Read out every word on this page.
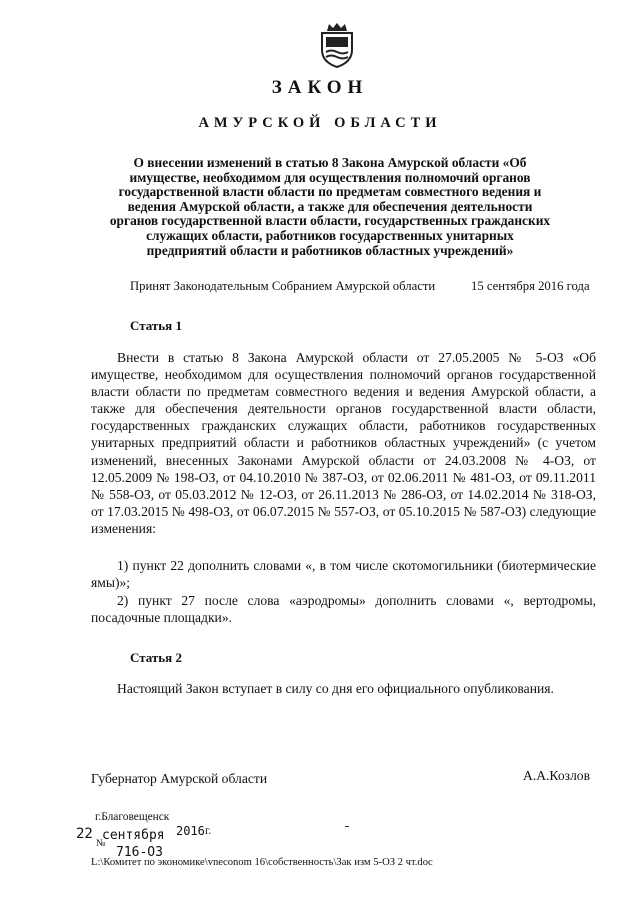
ЗАКОН
АМУРСКОЙ ОБЛАСТИ
О внесении изменений в статью 8 Закона Амурской области «Об
имуществе, необходимом для осуществления полномочий органов
государственной власти области по предметам совместного ведения и
ведения Амурской области, а также для обеспечения деятельности
органов государственной власти области, государственных гражданских
служащих области, работников государственных унитарных
предприятий области и работников областных учреждений»
Принят Законодательным Собранием Амурской области	15 сентября 2016 года
Статья 1
Внести в статью 8 Закона Амурской области от 27.05.2005 № 5-ОЗ «Об имуществе, необходимом для осуществления полномочий органов государственной власти области по предметам совместного ведения и ведения Амурской области, а также для обеспечения деятельности органов государственной власти области, государственных гражданских служащих области, работников государственных унитарных предприятий области и работников областных учреждений» (с учетом изменений, внесенных Законами Амурской области от 24.03.2008 № 4-ОЗ, от 12.05.2009 № 198-ОЗ, от 04.10.2010 № 387-ОЗ, от 02.06.2011 № 481-ОЗ, от 09.11.2011 № 558-ОЗ, от 05.03.2012 № 12-ОЗ, от 26.11.2013 № 286-ОЗ, от 14.02.2014 № 318-ОЗ, от 17.03.2015 № 498-ОЗ, от 06.07.2015 № 557-ОЗ, от 05.10.2015 № 587-ОЗ) следующие изменения:
1) пункт 22 дополнить словами «, в том числе скотомогильники (биотермические ямы)»;
2) пункт 27 после слова «аэродромы» дополнить словами «, вертодромы, посадочные площадки».
Статья 2
Настоящий Закон вступает в силу со дня его официального опубликования.
Губернатор Амурской области	А.А.Козлов
г.Благовещенск
22 сентября 2016 г.
№
716-ОЗ
L:\Комитет по экономике\vneconom 16\собственность\Зак изм 5-ОЗ 2 чт.doc
